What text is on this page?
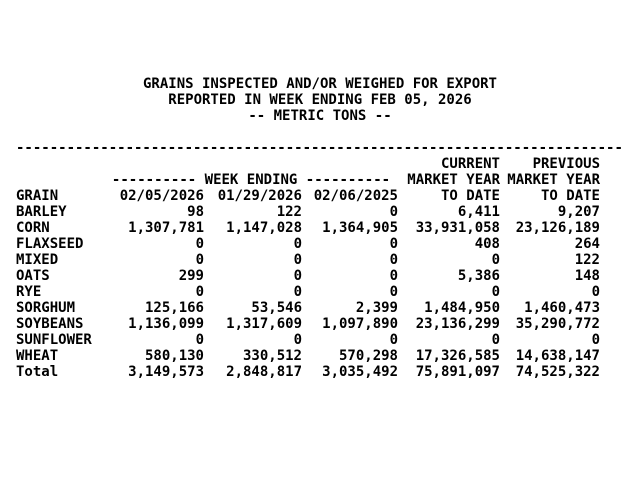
GRAINS INSPECTED AND/OR WEIGHED FOR EXPORT
REPORTED IN WEEK ENDING FEB 05, 2026
-- METRIC TONS --
------------------------------------------------------------------------
				CURRENT	PREVIOUS
	---------- WEEK ENDING ----------			MARKET YEAR	MARKET YEAR
GRAIN	02/05/2026	01/29/2026	02/06/2025	TO DATE	TO DATE
BARLEY	98	122	0	6,411	9,207
CORN	1,307,781	1,147,028	1,364,905	33,931,058	23,126,189
FLAXSEED	0	0	0	408	264
MIXED	0	0	0	0	122
OATS	299	0	0	5,386	148
RYE	0	0	0	0	0
SORGHUM	125,166	53,546	2,399	1,484,950	1,460,473
SOYBEANS	1,136,099	1,317,609	1,097,890	23,136,299	35,290,772
SUNFLOWER	0	0	0	0	0
WHEAT	580,130	330,512	570,298	17,326,585	14,638,147
Total	3,149,573	2,848,817	3,035,492	75,891,097	74,525,322
